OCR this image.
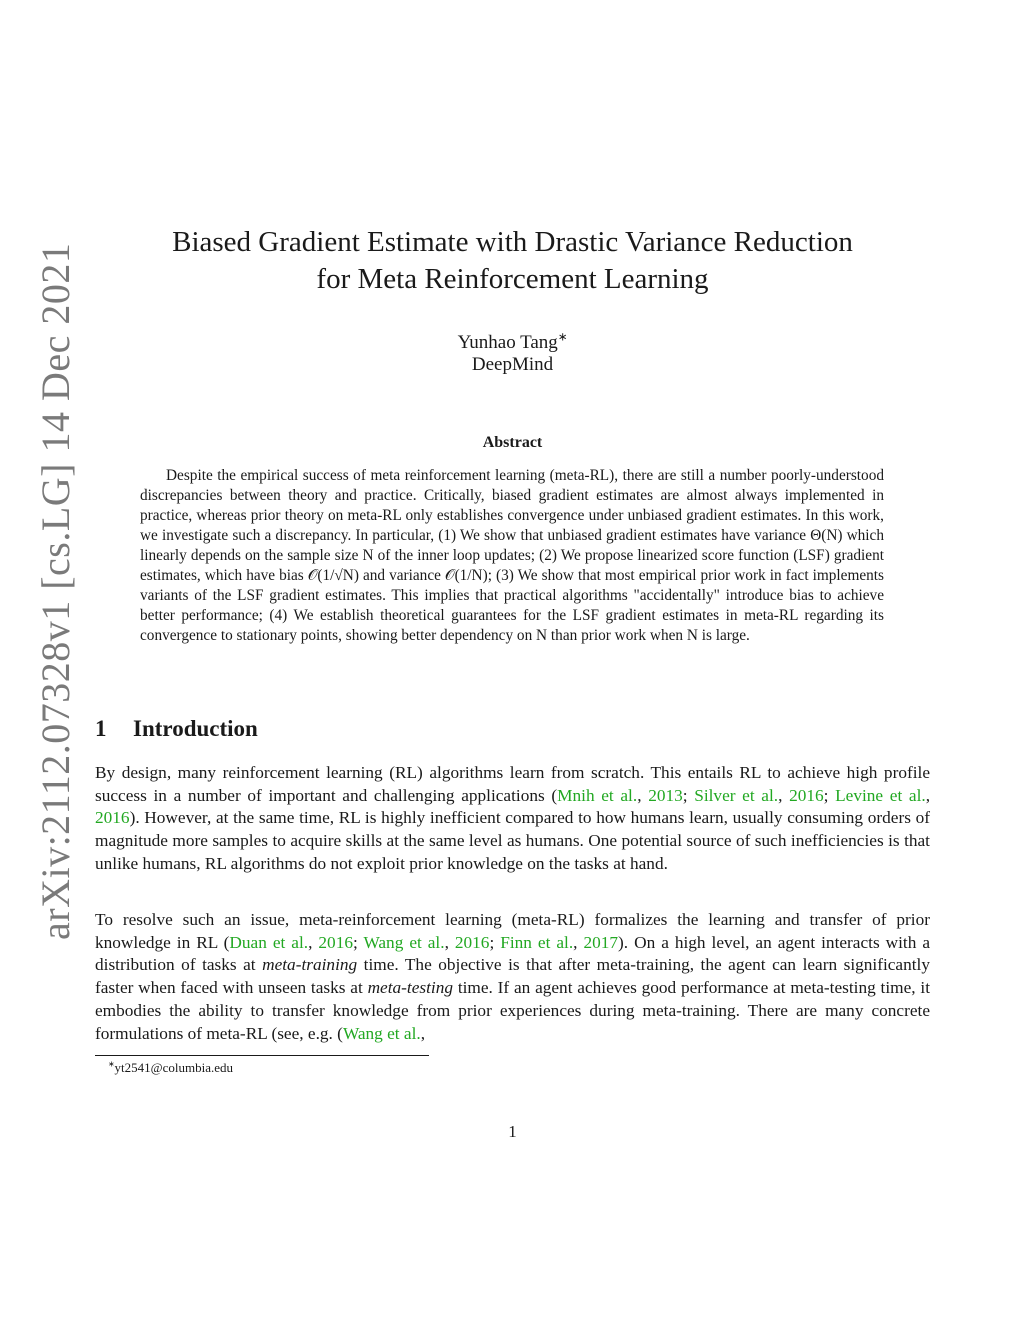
arXiv:2112.07328v1 [cs.LG] 14 Dec 2021
Biased Gradient Estimate with Drastic Variance Reduction
for Meta Reinforcement Learning
Yunhao Tang∗
DeepMind
Abstract

Despite the empirical success of meta reinforcement learning (meta-RL), there are still a number poorly-understood discrepancies between theory and practice. Critically, biased gradient estimates are almost always implemented in practice, whereas prior theory on meta-RL only establishes convergence under unbiased gradient estimates. In this work, we investigate such a discrepancy. In particular, (1) We show that unbiased gradient estimates have variance Θ(N) which linearly depends on the sample size N of the inner loop updates; (2) We propose linearized score function (LSF) gradient estimates, which have bias 𝒪(1/√N) and variance 𝒪(1/N); (3) We show that most empirical prior work in fact implements variants of the LSF gradient estimates. This implies that practical algorithms "accidentally" introduce bias to achieve better performance; (4) We establish theoretical guarantees for the LSF gradient estimates in meta-RL regarding its convergence to stationary points, showing better dependency on N than prior work when N is large.

1 Introduction

By design, many reinforcement learning (RL) algorithms learn from scratch. This entails RL to achieve high profile success in a number of important and challenging applications (Mnih et al., 2013; Silver et al., 2016; Levine et al., 2016). However, at the same time, RL is highly inefficient compared to how humans learn, usually consuming orders of magnitude more samples to acquire skills at the same level as humans. One potential source of such inefficiencies is that unlike humans, RL algorithms do not exploit prior knowledge on the tasks at hand.

To resolve such an issue, meta-reinforcement learning (meta-RL) formalizes the learning and transfer of prior knowledge in RL (Duan et al., 2016; Wang et al., 2016; Finn et al., 2017). On a high level, an agent interacts with a distribution of tasks at meta-training time. The objective is that after meta-training, the agent can learn significantly faster when faced with unseen tasks at meta-testing time. If an agent achieves good performance at meta-testing time, it embodies the ability to transfer knowledge from prior experiences during meta-training. There are many concrete formulations of meta-RL (see, e.g. (Wang et al.,

∗yt2541@columbia.edu
1
